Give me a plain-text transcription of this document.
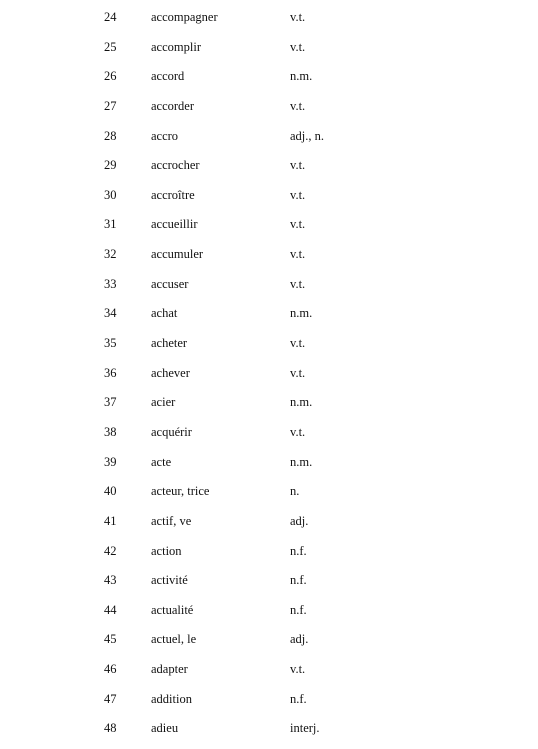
24	accompagner	v.t.
25	accomplir	v.t.
26	accord	n.m.
27	accorder	v.t.
28	accro	adj., n.
29	accrocher	v.t.
30	accroître	v.t.
31	accueillir	v.t.
32	accumuler	v.t.
33	accuser	v.t.
34	achat	n.m.
35	acheter	v.t.
36	achever	v.t.
37	acier	n.m.
38	acquérir	v.t.
39	acte	n.m.
40	acteur, trice	n.
41	actif, ve	adj.
42	action	n.f.
43	activité	n.f.
44	actualité	n.f.
45	actuel, le	adj.
46	adapter	v.t.
47	addition	n.f.
48	adieu	interj.
